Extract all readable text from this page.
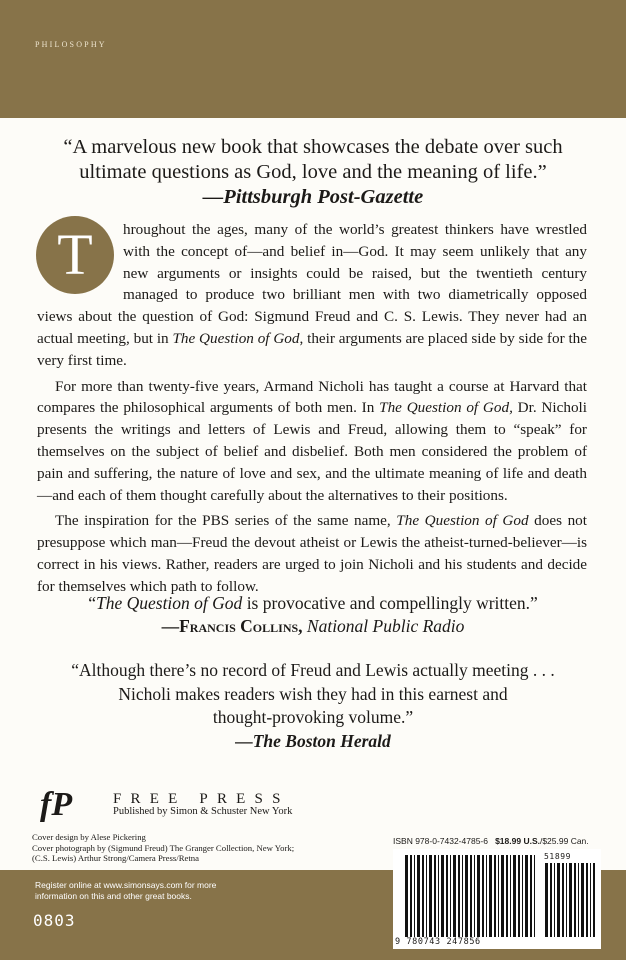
PHILOSOPHY
“A marvelous new book that showcases the debate over such ultimate questions as God, love and the meaning of life.”
—Pittsburgh Post-Gazette
T	hroughout the ages, many of the world’s greatest thinkers have wrestled with the concept of—and belief in—God. It may seem unlikely that any new arguments or insights could be raised, but the twentieth century managed to produce two brilliant men with two diametrically opposed views about the question of God: Sigmund Freud and C. S. Lewis. They never had an actual meeting, but in The Question of God, their arguments are placed side by side for the very first time.

For more than twenty-five years, Armand Nicholi has taught a course at Harvard that compares the philosophical arguments of both men. In The Question of God, Dr. Nicholi presents the writings and letters of Lewis and Freud, allowing them to “speak” for themselves on the subject of belief and disbelief. Both men considered the problem of pain and suffering, the nature of love and sex, and the ultimate meaning of life and death—and each of them thought carefully about the alternatives to their positions.

The inspiration for the PBS series of the same name, The Question of God does not presuppose which man—Freud the devout atheist or Lewis the atheist-turned-believer—is correct in his views. Rather, readers are urged to join Nicholi and his students and decide for themselves which path to follow.

“The Question of God is provocative and compellingly written.”
—Francis Collins, National Public Radio
“Although there’s no record of Freud and Lewis actually meeting . . .
Nicholi makes readers wish they had in this earnest and
thought-provoking volume.”
—The Boston Herald
fP	FREE PRESS
Published by Simon & Schuster New York
Cover design by Alese Pickering
Cover photograph by (Sigmund Freud) The Granger Collection, New York;
(C.S. Lewis) Arthur Strong/Camera Press/Retna
ISBN 978-0-7432-4785-6 $18.99 U.S./$25.99 Can.
Register online at www.simonsays.com for more
information on this and other great books.
0803
51899
9 780743 247856
